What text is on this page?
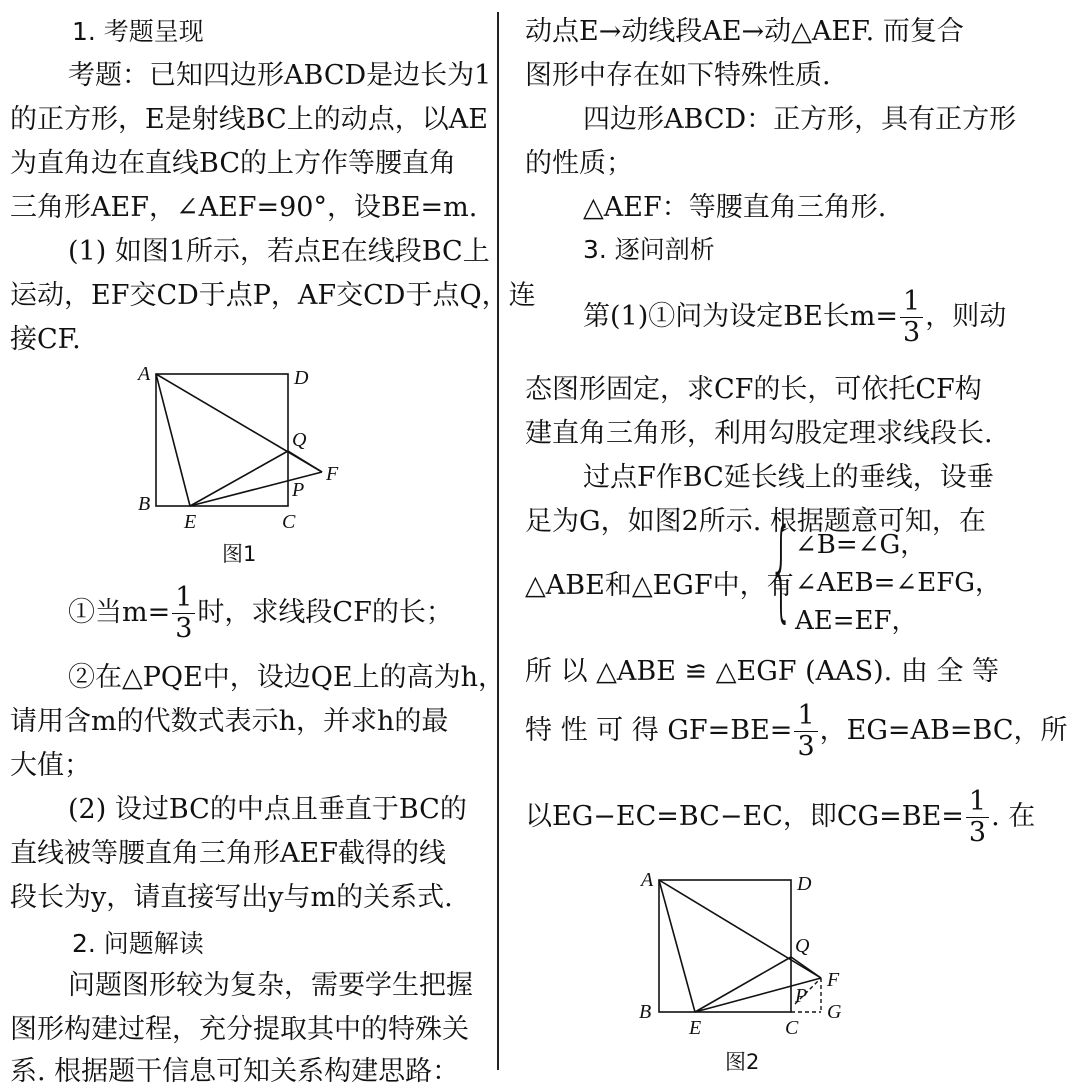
1. 考题呈现
考题：已知四边形ABCD是边长为1
的正方形，E是射线BC上的动点，以AE
为直角边在直线BC的上方作等腰直角
三角形AEF，∠AEF=90°，设BE=m.
(1) 如图1所示，若点E在线段BC上
运动，EF交CD于点P，AF交CD于点Q，连
接CF.
A	D
Q
F
P
B
E	C
图1
①当$m= \frac{1}{3}$ 时，求线段CF的长；
②在△PQE中，设边QE上的高为h，
请用含m的代数式表示h，并求h的最
大值；
(2) 设过BC的中点且垂直于BC的
直线被等腰直角三角形AEF截得的线
段长为y，请直接写出y与m的关系式.
2. 问题解读
问题图形较为复杂，需要学生把握
图形构建过程，充分提取其中的特殊关
系. 根据题干信息可知关系构建思路：
动点E→动线段AE→动△AEF. 而复合
图形中存在如下特殊性质.
四边形ABCD：正方形，具有正方形
的性质；
△AEF：等腰直角三角形.
3. 逐问剖析
第(1)①问为设定BE长$m= \frac{1}{3}$ ，则动
态图形固定，求CF的长，可依托CF构
建直角三角形，利用勾股定理求线段长.
过点F作BC延长线上的垂线，设垂
足为G，如图2所示. 根据题意可知，在
△ABE和△EGF中，有
{ ∠B=∠G，
∠AEB=∠EFG，
AE=EF，
所 以 △ABE ≌ △EGF (AAS). 由 全 等
特 性 可 得 $GF=BE= \frac{1}{3}$ ，EG=AB=BC，所
以EG−EC=BC−EC，即$CG=BE= \frac{1}{3}$ . 在
A	D
Q
F
P
G
B
E	C
图2
